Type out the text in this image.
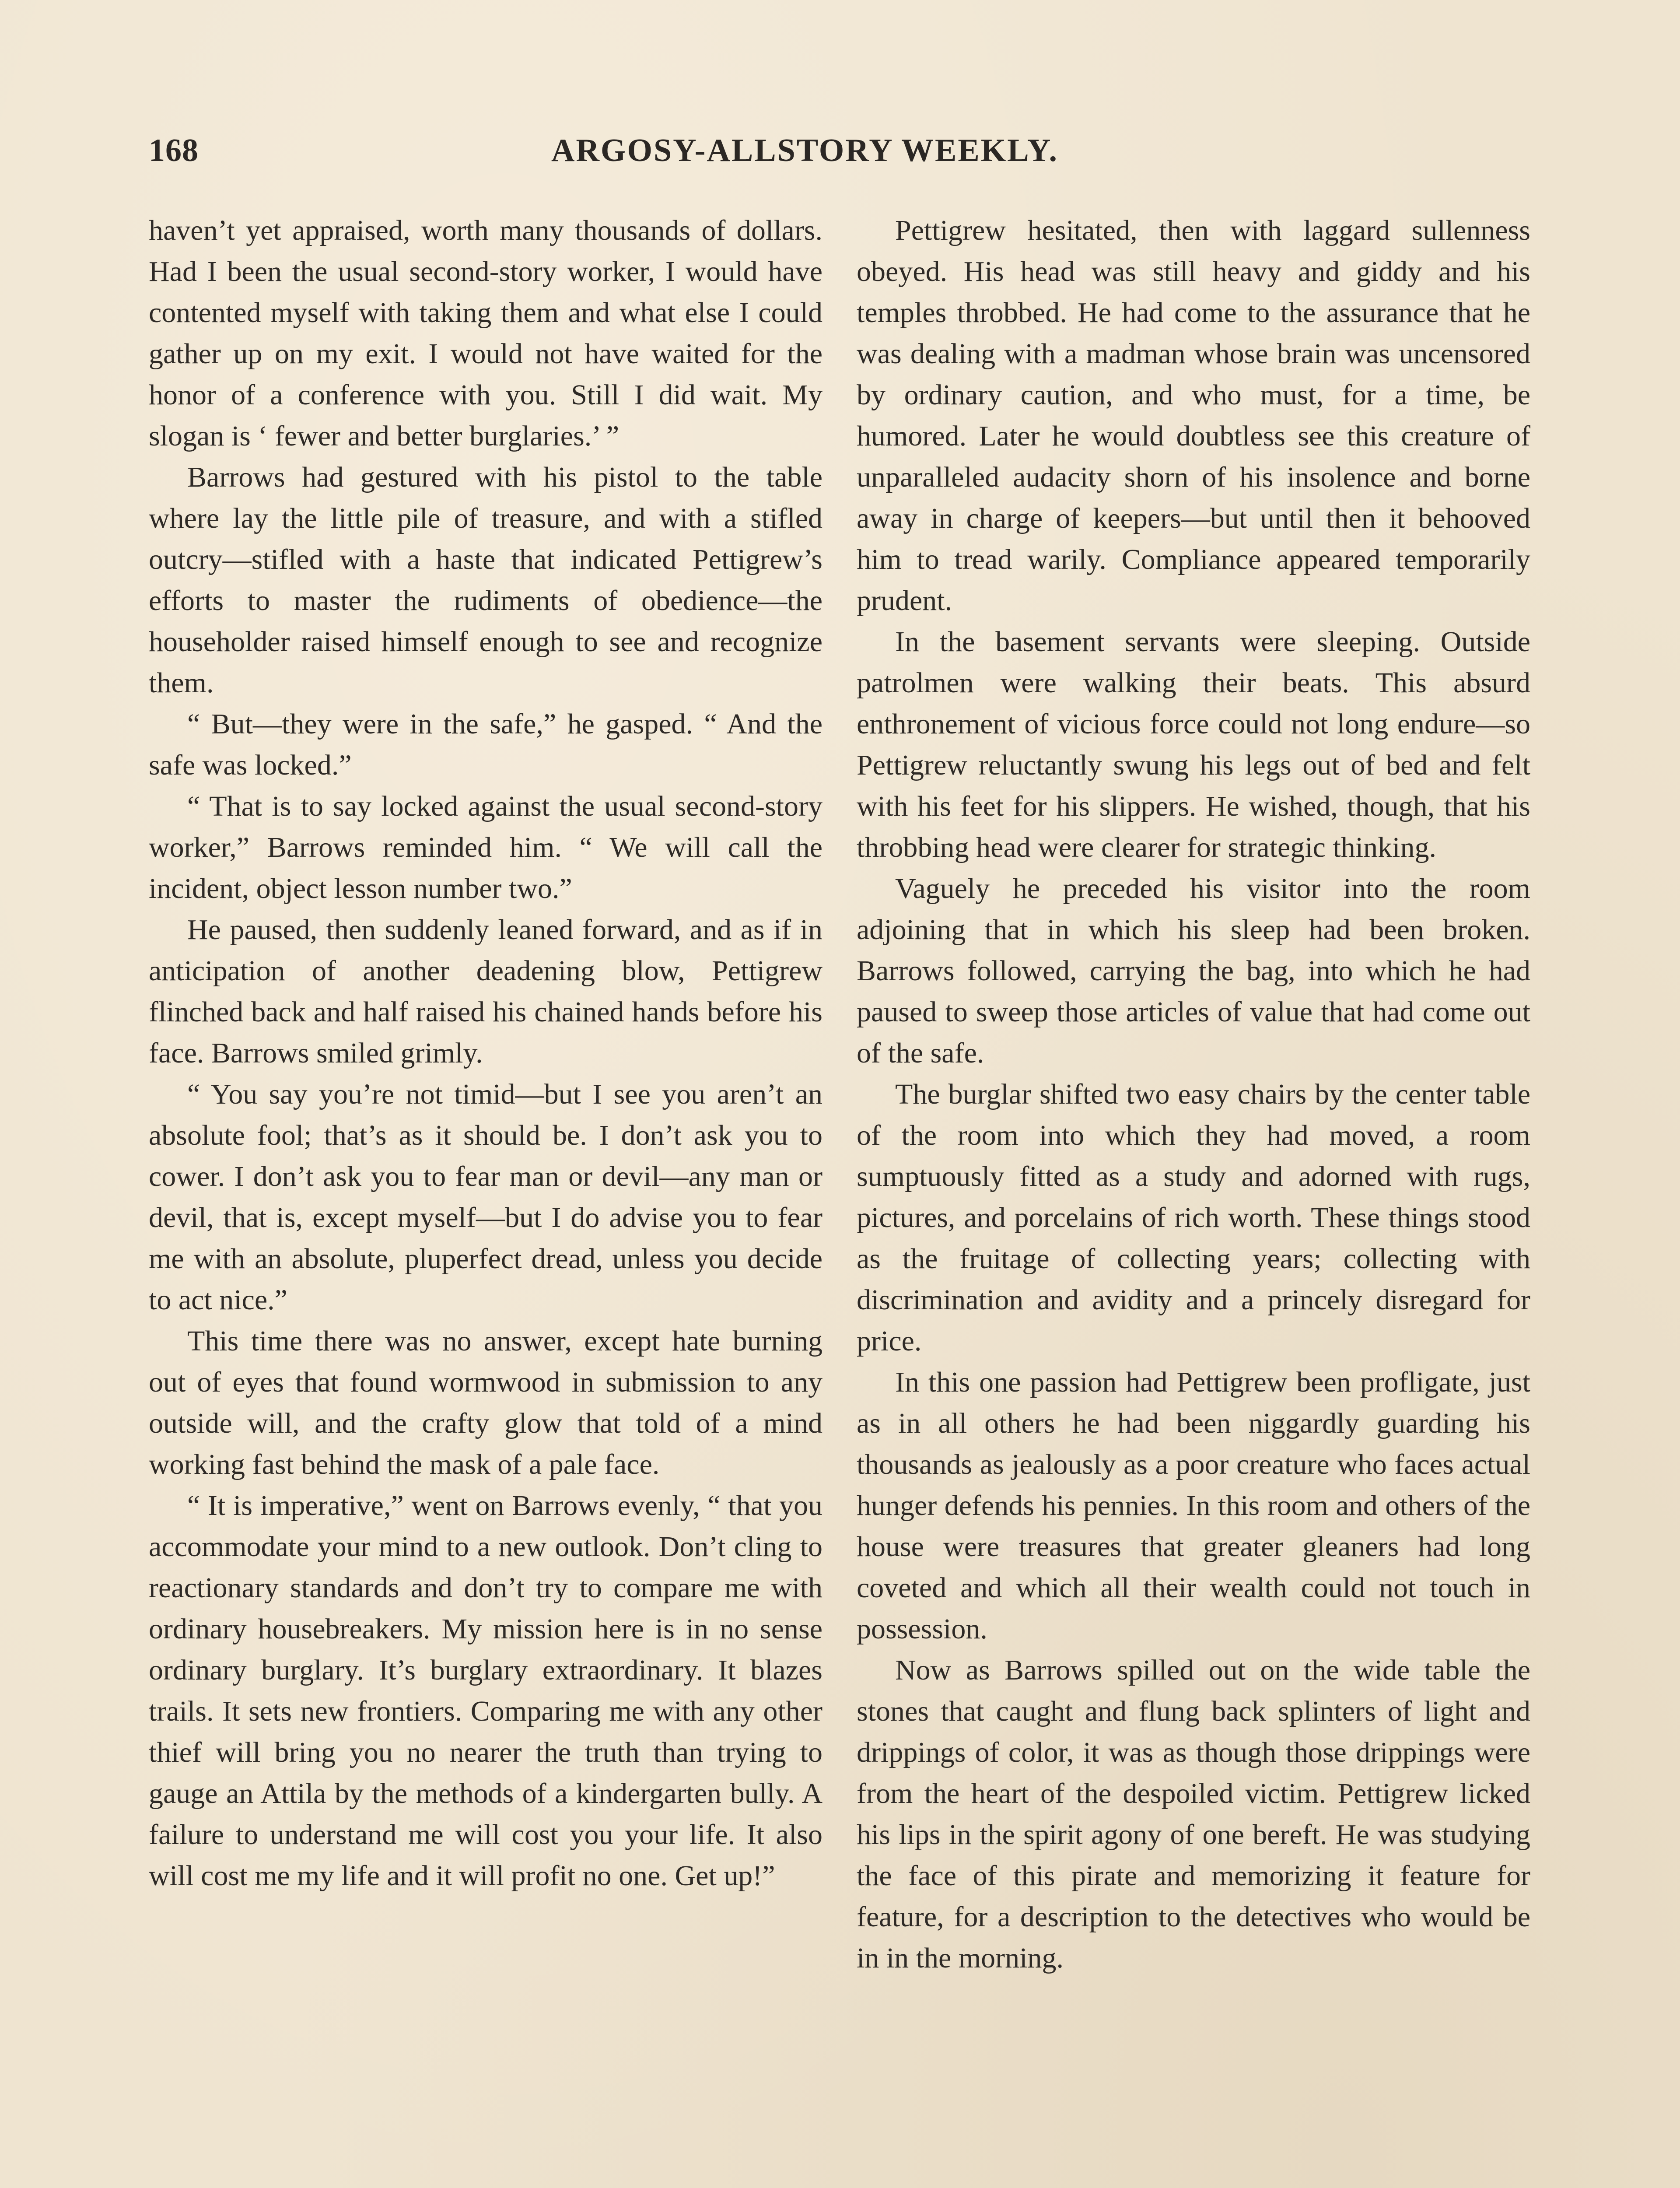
168	ARGOSY-ALLSTORY WEEKLY.

haven’t yet appraised, worth many thousands of dollars. Had I been the usual second-story worker, I would have contented myself with taking them and what else I could gather up on my exit. I would not have waited for the honor of a conference with you. Still I did wait. My slogan is ‘ fewer and better burglaries.’ ”

Barrows had gestured with his pistol to the table where lay the little pile of treasure, and with a stifled outcry—stifled with a haste that indicated Pettigrew’s efforts to master the rudiments of obedience—the householder raised himself enough to see and recognize them.

“ But—they were in the safe,” he gasped. “ And the safe was locked.”

“ That is to say locked against the usual second-story worker,” Barrows reminded him. “ We will call the incident, object lesson number two.”

He paused, then suddenly leaned forward, and as if in anticipation of another deadening blow, Pettigrew flinched back and half raised his chained hands before his face. Barrows smiled grimly.

“ You say you’re not timid—but I see you aren’t an absolute fool; that’s as it should be. I don’t ask you to cower. I don’t ask you to fear man or devil—any man or devil, that is, except myself—but I do advise you to fear me with an absolute, pluperfect dread, unless you decide to act nice.”

This time there was no answer, except hate burning out of eyes that found wormwood in submission to any outside will, and the crafty glow that told of a mind working fast behind the mask of a pale face.

“ It is imperative,” went on Barrows evenly, “ that you accommodate your mind to a new outlook. Don’t cling to reactionary standards and don’t try to compare me with ordinary housebreakers. My mission here is in no sense ordinary burglary. It’s burglary extraordinary. It blazes trails. It sets new frontiers. Comparing me with any other thief will bring you no nearer the truth than trying to gauge an Attila by the methods of a kindergarten bully. A failure to understand me will cost you your life. It also will cost me my life and it will profit no one. Get up!”

Pettigrew hesitated, then with laggard sullenness obeyed. His head was still heavy and giddy and his temples throbbed. He had come to the assurance that he was dealing with a madman whose brain was uncensored by ordinary caution, and who must, for a time, be humored. Later he would doubtless see this creature of unparalleled audacity shorn of his insolence and borne away in charge of keepers—but until then it behooved him to tread warily. Compliance appeared temporarily prudent.

In the basement servants were sleeping. Outside patrolmen were walking their beats. This absurd enthronement of vicious force could not long endure—so Pettigrew reluctantly swung his legs out of bed and felt with his feet for his slippers. He wished, though, that his throbbing head were clearer for strategic thinking.

Vaguely he preceded his visitor into the room adjoining that in which his sleep had been broken. Barrows followed, carrying the bag, into which he had paused to sweep those articles of value that had come out of the safe.

The burglar shifted two easy chairs by the center table of the room into which they had moved, a room sumptuously fitted as a study and adorned with rugs, pictures, and porcelains of rich worth. These things stood as the fruitage of collecting years; collecting with discrimination and avidity and a princely disregard for price.

In this one passion had Pettigrew been profligate, just as in all others he had been niggardly guarding his thousands as jealously as a poor creature who faces actual hunger defends his pennies. In this room and others of the house were treasures that greater gleaners had long coveted and which all their wealth could not touch in possession.

Now as Barrows spilled out on the wide table the stones that caught and flung back splinters of light and drippings of color, it was as though those drippings were from the heart of the despoiled victim. Pettigrew licked his lips in the spirit agony of one bereft. He was studying the face of this pirate and memorizing it feature for feature, for a description to the detectives who would be in in the morning.
